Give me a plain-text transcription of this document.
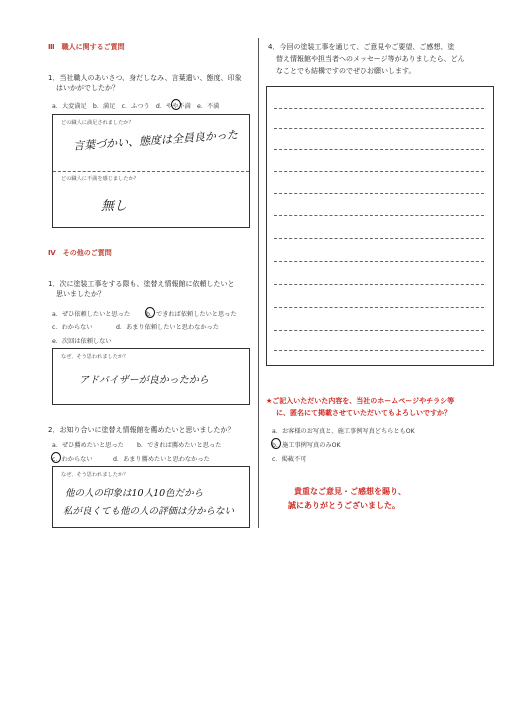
Ⅲ　職人に関するご質問
1．当社職人のあいさつ、身だしなみ、言葉遣い、態度、印象
はいかがでしたか？
a．大変満足　b．満足　c．ふつう　d．やや不満　e．不満
どの職人に満足されましたか？
言葉づかい、態度は全員良かった
どの職人に不満を感じましたか？
無し
Ⅳ　その他のご質問
1．次に塗装工事をする際も、塗替え情報館に依頼したいと
思いましたか？
a．ぜひ依頼したいと思った	b．できれば依頼したいと思った
c．わからない	d．あまり依頼したいと思わなかった
e．次回は依頼しない
なぜ、そう思われましたか？
アドバイザーが良かったから
2．お知り合いに塗替え情報館を薦めたいと思いましたか？
a．ぜひ薦めたいと思った b．できれば薦めたいと思った
c．わからない	d．あまり薦めたいと思わなかった
なぜ、そう思われましたか？
他の人の印象は10人10色だから
私が良くても他の人の評価は分からない
4．今回の塗装工事を通じて、ご意見やご要望、ご感想、塗
替え情報館や担当者へのメッセージ等がありましたら、どん
なことでも結構ですのでぜひお願いします。
★ご記入いただいた内容を、当社のホームページやチラシ等
に、匿名にて掲載させていただいてもよろしいですか？
a．お客様のお写真と、施工事例写真どちらともOK
b．施工事例写真のみOK
c．掲載不可
貴重なご意見・ご感想を賜り、
誠にありがとうございました。
